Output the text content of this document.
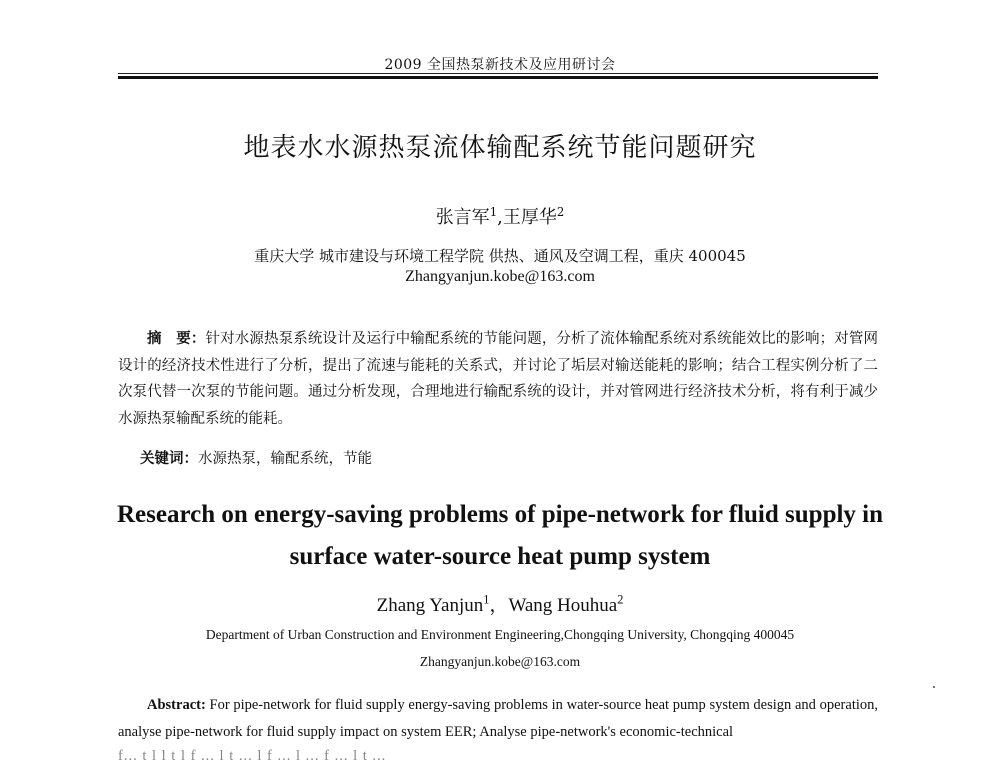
2009 全国热泵新技术及应用研讨会
地表水水源热泵流体输配系统节能问题研究
张言军$^1$,王厚华$^2$
重庆大学 城市建设与环境工程学院 供热、通风及空调工程，重庆 400045
Zhangyanjun.kobe@163.com

摘　要：针对水源热泵系统设计及运行中输配系统的节能问题，分析了流体输配系统对系统能效比的影响；对管网设计的经济技术性进行了分析，提出了流速与能耗的关系式，并讨论了垢层对输送能耗的影响；结合工程实例分析了二次泵代替一次泵的节能问题。通过分析发现，合理地进行输配系统的设计，并对管网进行经济技术分析，将有利于减少水源热泵输配系统的能耗。

关键词：水源热泵，输配系统，节能
Research on energy-saving problems of pipe-network for fluid supply in
surface water-source heat pump system
Zhang Yanjun$^1$，Wang Houhua$^2$
Department of Urban Construction and Environment Engineering,Chongqing University, Chongqing 400045
Zhangyanjun.kobe@163.com

Abstract: For pipe-network for fluid supply energy-saving problems in water-source heat pump system design and operation, analyse pipe-network for fluid supply impact on system EER; Analyse pipe-network's economic-technical

f... t l l t l f ... l t ... l f ... l ... f ... l t ...
